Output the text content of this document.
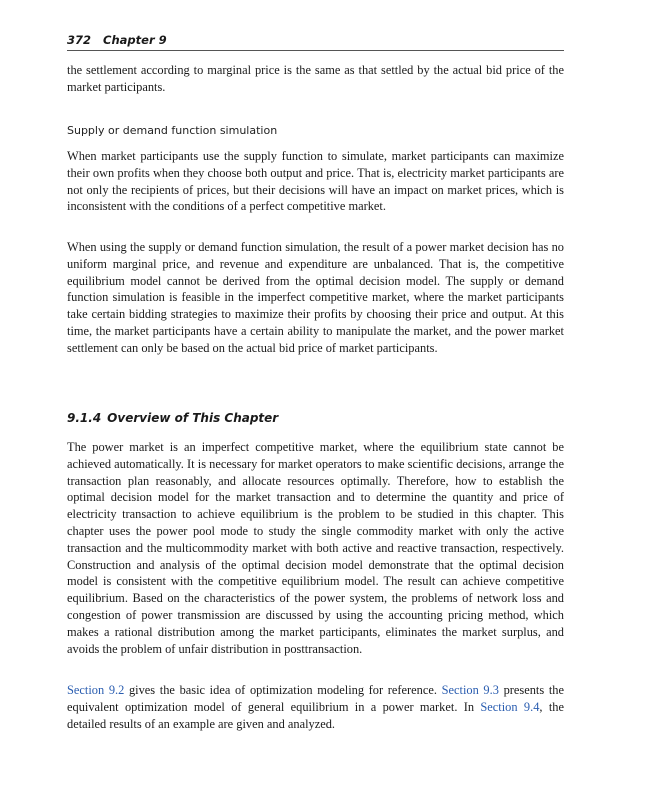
372 Chapter 9

the settlement according to marginal price is the same as that settled by the actual bid price of the market participants.

Supply or demand function simulation

When market participants use the supply function to simulate, market participants can maximize their own profits when they choose both output and price. That is, electricity market participants are not only the recipients of prices, but their decisions will have an impact on market prices, which is inconsistent with the conditions of a perfect competitive market.

When using the supply or demand function simulation, the result of a power market decision has no uniform marginal price, and revenue and expenditure are unbalanced. That is, the competitive equilibrium model cannot be derived from the optimal decision model. The supply or demand function simulation is feasible in the imperfect competitive market, where the market participants take certain bidding strategies to maximize their profits by choosing their price and output. At this time, the market participants have a certain ability to manipulate the market, and the power market settlement can only be based on the actual bid price of market participants.

9.1.4 Overview of This Chapter

The power market is an imperfect competitive market, where the equilibrium state cannot be achieved automatically. It is necessary for market operators to make scientific decisions, arrange the transaction plan reasonably, and allocate resources optimally. Therefore, how to establish the optimal decision model for the market transaction and to determine the quantity and price of electricity transaction to achieve equilibrium is the problem to be studied in this chapter. This chapter uses the power pool mode to study the single commodity market with only the active transaction and the multicommodity market with both active and reactive transaction, respectively. Construction and analysis of the optimal decision model demonstrate that the optimal decision model is consistent with the competitive equilibrium model. The result can achieve competitive equilibrium. Based on the characteristics of the power system, the problems of network loss and congestion of power transmission are discussed by using the accounting pricing method, which makes a rational distribution among the market participants, eliminates the market surplus, and avoids the problem of unfair distribution in posttransaction.

Section 9.2 gives the basic idea of optimization modeling for reference. Section 9.3 presents the equivalent optimization model of general equilibrium in a power market. In Section 9.4, the detailed results of an example are given and analyzed.
